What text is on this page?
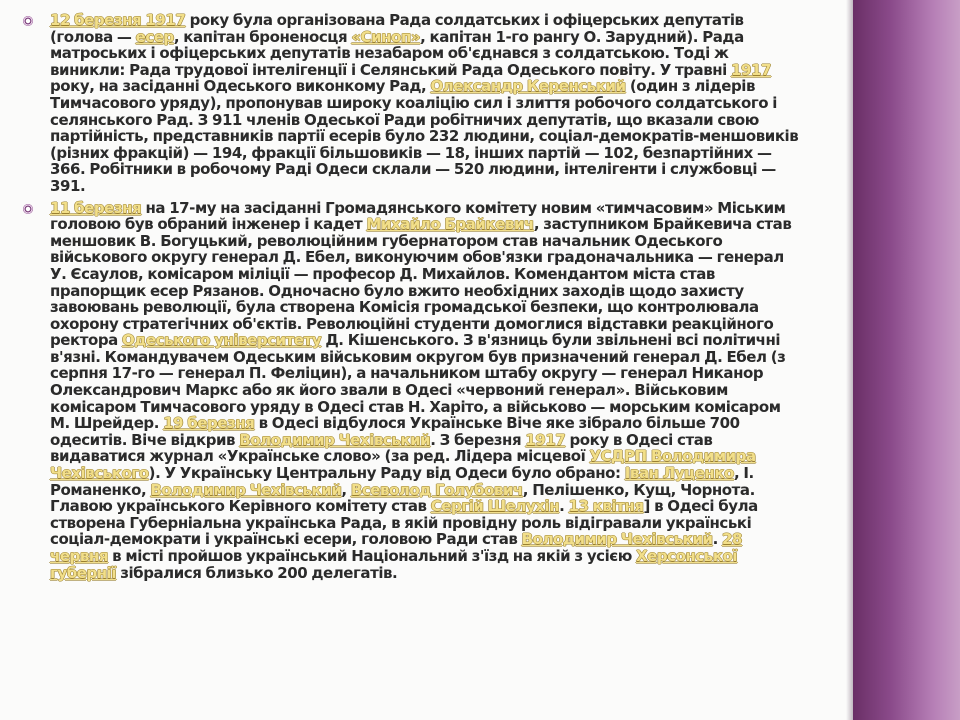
12 березня 1917 року була організована Рада солдатських і офіцерських депутатів (голова — есер, капітан броненосця «Синоп», капітан 1-го рангу О. Зарудний). Рада матроських і офіцерських депутатів незабаром об'єднався з солдатською. Тоді ж виникли: Рада трудової інтелігенції і Селянський Рада Одеського повіту. У травні 1917 року, на засіданні Одеського виконкому Рад, Олександр Керенський (один з лідерів Тимчасового уряду), пропонував широку коаліцію сил і злиття робочого солдатського і селянського Рад. З 911 членів Одеської Ради робітничих депутатів, що вказали свою партійність, представників партії есерів було 232 людини, соціал-демократів-меншовиків (різних фракцій) — 194, фракції більшовиків — 18, інших партій — 102, безпартійних — 366. Робітники в робочому Раді Одеси склали — 520 людини, інтелігенти і службовці — 391.
11 березня на 17-му на засіданні Громадянського комітету новим «тимчасовим» Міським головою був обраний інженер і кадет Михайло Брайкевич, заступником Брайкевича став меншовик В. Богуцький, революційним губернатором став начальник Одеського військового округу генерал Д. Ебел, виконуючим обов'язки градоначальника — генерал У. Єсаулов, комісаром міліції — професор Д. Михайлов. Комендантом міста став прапорщик есер Рязанов. Одночасно було вжито необхідних заходів щодо захисту завоювань революції, була створена Комісія громадської безпеки, що контролювала охорону стратегічних об'єктів. Революційні студенти домоглися відставки реакційного ректора Одеського університету Д. Кішенського. З в'язниць були звільнені всі політичні в'язні. Командувачем Одеським військовим округом був призначений генерал Д. Ебел (з серпня 17-го — генерал П. Феліцин), а начальником штабу округу — генерал Никанор Олександрович Маркс або як його звали в Одесі «червоний генерал». Військовим комісаром Тимчасового уряду в Одесі став Н. Харіто, а військово — морським комісаром М. Шрейдер. 19 березня в Одесі відбулося Українське Віче яке зібрало більше 700 одеситів. Віче відкрив Володимир Чехівський. З березня 1917 року в Одесі став видаватися журнал «Українське слово» (за ред. Лідера місцевої УСДРП Володимира Чехівського). У Українську Центральну Раду від Одеси було обрано: Іван Луценко, І. Романенко, Володимир Чехівський, Всеволод Голубович, Пелішенко, Кущ, Чорнота. Главою українського Керівного комітету став Сергій Шелухін. 13 квітня] в Одесі була створена Губерніальна українська Рада, в якій провідну роль відігравали українські соціал-демократи і українські есери, головою Ради став Володимир Чехівський. 28 червня в місті пройшов український Національний з'їзд на якій з усією Херсонської губернії зібралися близько 200 делегатів.
